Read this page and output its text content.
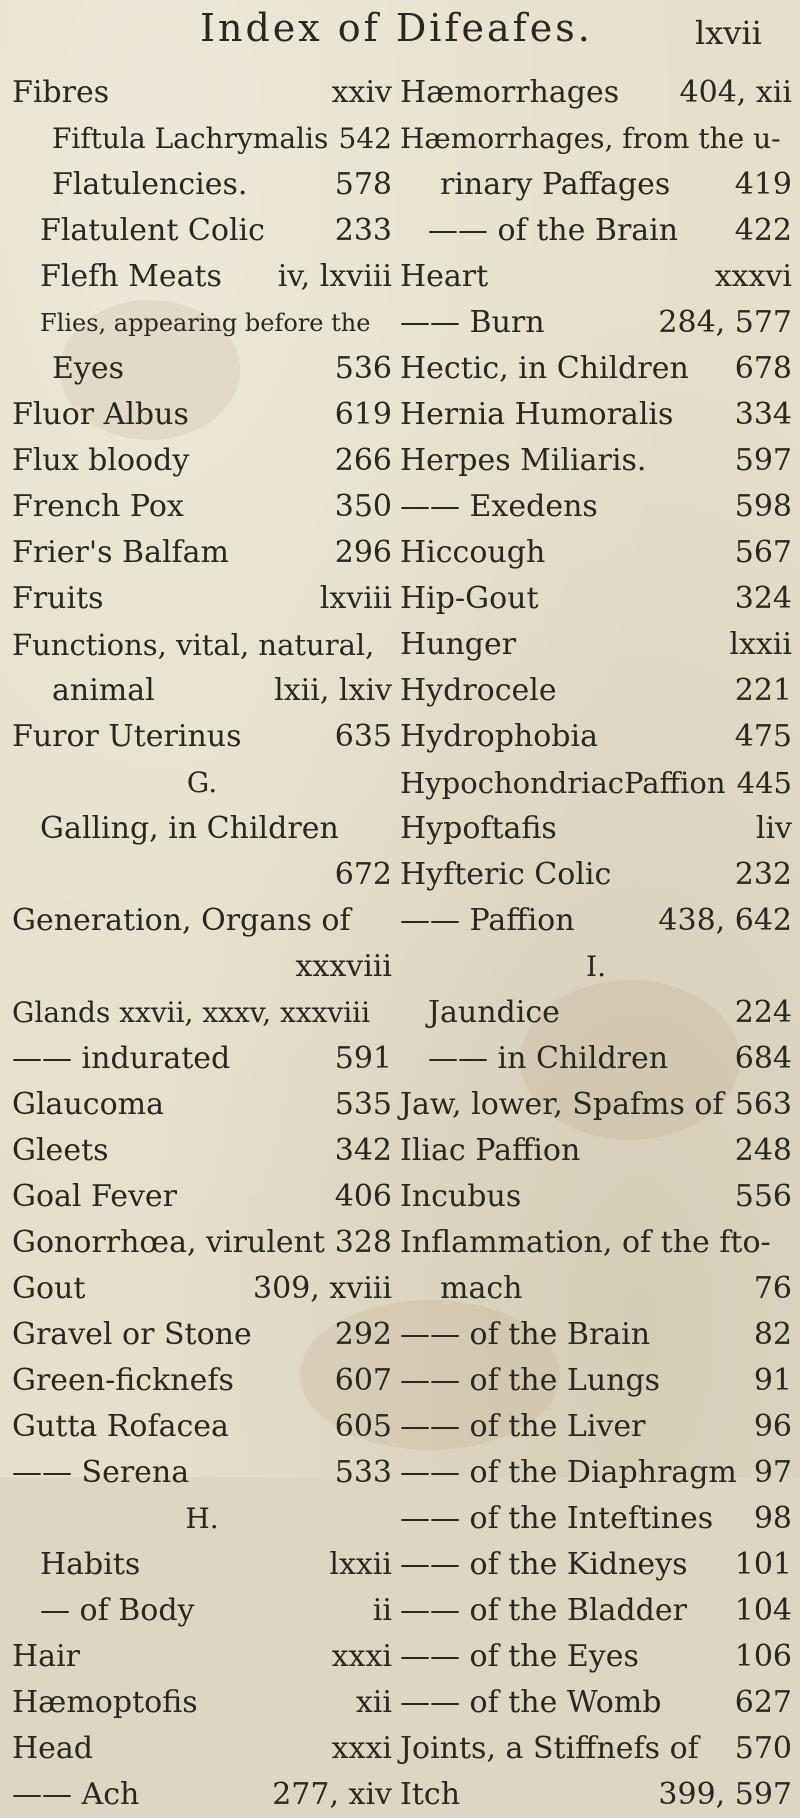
Index of Difeafes.	lxvii
Fibres	xxiv
Fiftula Lachrymalis 542
Flatulencies.	578
Flatulent Colic 233
Flefh Meats iv, lxviii
Flies, appearing before the
Eyes	536
Fluor Albus	619
Flux bloody	266
French Pox	350
Frier's Balfam	296
Fruits	lxviii
Functions, vital, natural,
animal	lxii, lxiv
Furor Uterinus	635
G.
Galling, in Children
672
Generation, Organs of
xxxviii
Glands xxvii, xxxv, xxxviii
—— indurated	591
Glaucoma	535
Gleets	342
Goal Fever	406
Gonorrhœa, virulent 328
Gout	309, xviii
Gravel or Stone	292
Green-ficknefs	607
Gutta Rofacea	605
—— Serena	533
H.
Habits	lxxii
— of Body	ii
Hair	xxxi
Hæmoptofis	xii
Head	xxxi
—— Ach	277, xiv
Hæmorrhages 404, xii
Hæmorrhages, from the u-
rinary Paffages 419
—— of the Brain 422
Heart	xxxvi
—— Burn	284, 577
Hectic, in Children 678
Hernia Humoralis 334
Herpes Miliaris.	597
—— Exedens	598
Hiccough	567
Hip-Gout	324
Hunger	lxxii
Hydrocele	221
Hydrophobia	475
HypochondriacPaffion 445
Hypoftafis	liv
Hyfteric Colic	232
—— Paffion	438, 642
I.
Jaundice	224
—— in Children 684
Jaw, lower, Spafms of 563
Iliac Paffion	248
Incubus	556
Inflammation, of the fto-
mach	76
—— of the Brain	82
—— of the Lungs	91
—— of the Liver	96
—— of the Diaphragm 97
—— of the Inteftines 98
—— of the Kidneys 101
—— of the Bladder 104
—— of the Eyes	106
—— of the Womb 627
Joints, a Stiffnefs of 570
Itch	399, 597
